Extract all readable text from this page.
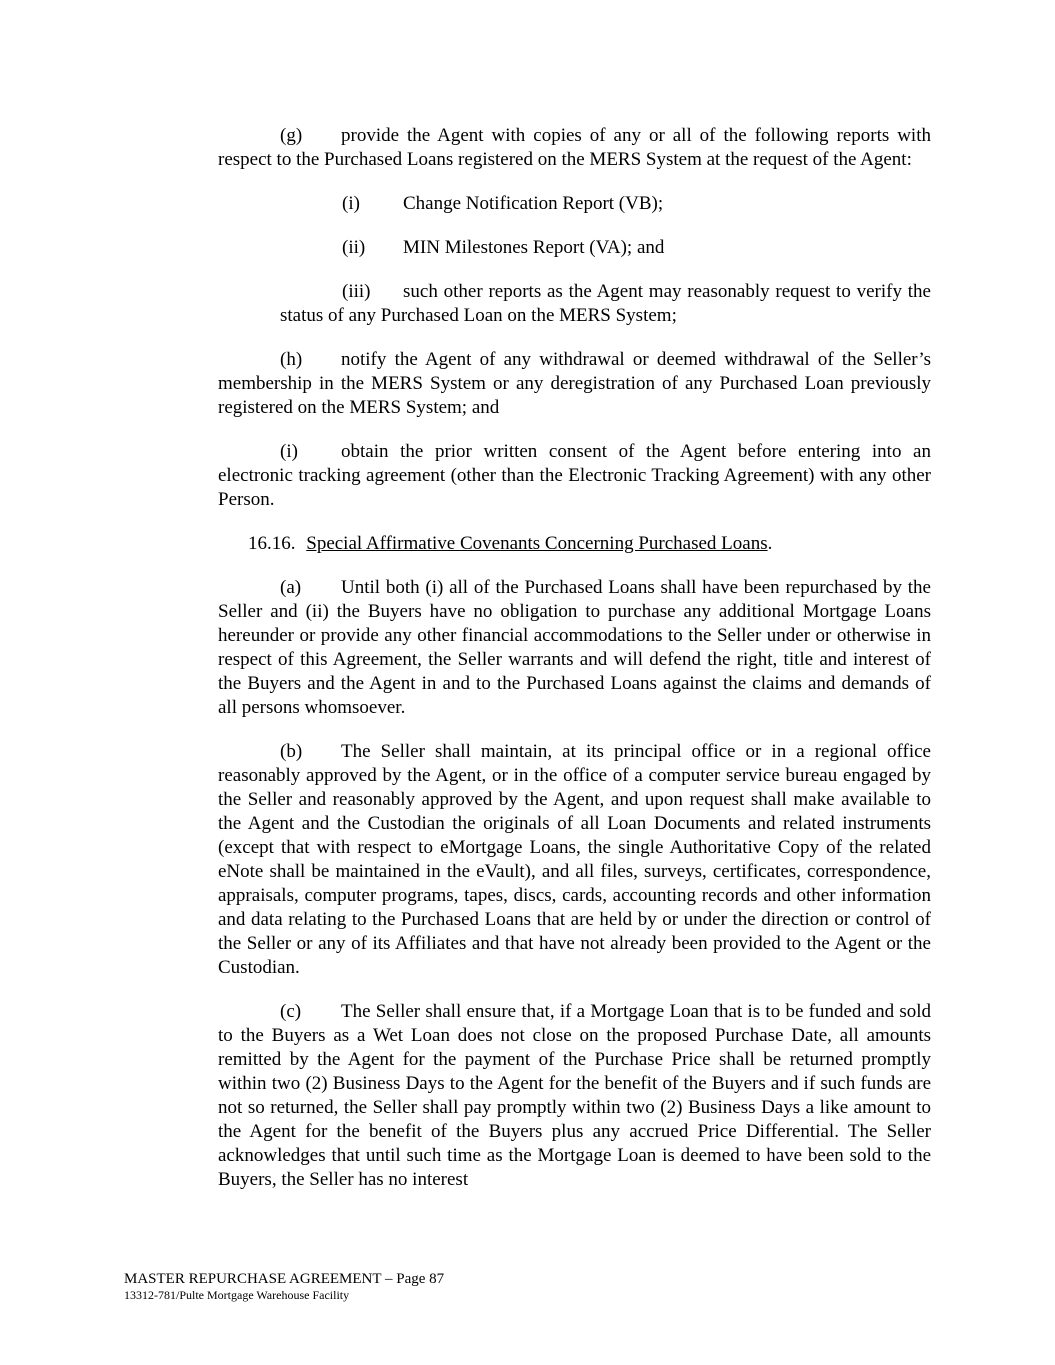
(g) provide the Agent with copies of any or all of the following reports with respect to the Purchased Loans registered on the MERS System at the request of the Agent:

(i) Change Notification Report (VB);

(ii) MIN Milestones Report (VA); and

(iii) such other reports as the Agent may reasonably request to verify the status of any Purchased Loan on the MERS System;

(h) notify the Agent of any withdrawal or deemed withdrawal of the Seller’s membership in the MERS System or any deregistration of any Purchased Loan previously registered on the MERS System; and

(i) obtain the prior written consent of the Agent before entering into an electronic tracking agreement (other than the Electronic Tracking Agreement) with any other Person.

16.16. Special Affirmative Covenants Concerning Purchased Loans.

(a) Until both (i) all of the Purchased Loans shall have been repurchased by the Seller and (ii) the Buyers have no obligation to purchase any additional Mortgage Loans hereunder or provide any other financial accommodations to the Seller under or otherwise in respect of this Agreement, the Seller warrants and will defend the right, title and interest of the Buyers and the Agent in and to the Purchased Loans against the claims and demands of all persons whomsoever.

(b) The Seller shall maintain, at its principal office or in a regional office reasonably approved by the Agent, or in the office of a computer service bureau engaged by the Seller and reasonably approved by the Agent, and upon request shall make available to the Agent and the Custodian the originals of all Loan Documents and related instruments (except that with respect to eMortgage Loans, the single Authoritative Copy of the related eNote shall be maintained in the eVault), and all files, surveys, certificates, correspondence, appraisals, computer programs, tapes, discs, cards, accounting records and other information and data relating to the Purchased Loans that are held by or under the direction or control of the Seller or any of its Affiliates and that have not already been provided to the Agent or the Custodian.

(c) The Seller shall ensure that, if a Mortgage Loan that is to be funded and sold to the Buyers as a Wet Loan does not close on the proposed Purchase Date, all amounts remitted by the Agent for the payment of the Purchase Price shall be returned promptly within two (2) Business Days to the Agent for the benefit of the Buyers and if such funds are not so returned, the Seller shall pay promptly within two (2) Business Days a like amount to the Agent for the benefit of the Buyers plus any accrued Price Differential. The Seller acknowledges that until such time as the Mortgage Loan is deemed to have been sold to the Buyers, the Seller has no interest

MASTER REPURCHASE AGREEMENT – Page 87
13312-781/Pulte Mortgage Warehouse Facility
